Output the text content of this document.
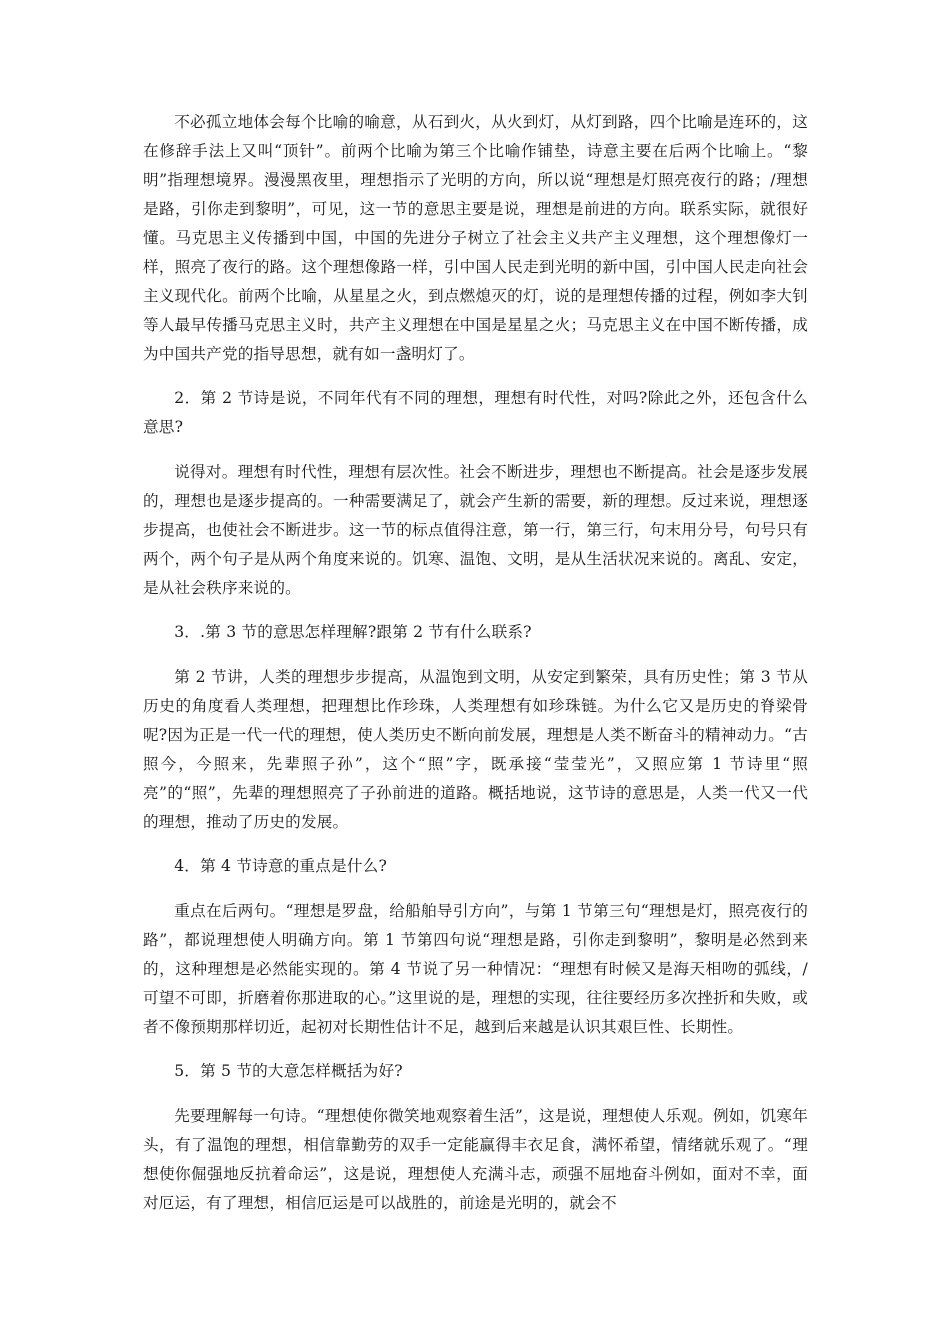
不必孤立地体会每个比喻的喻意，从石到火，从火到灯，从灯到路，四个比喻是连环的，这在修辞手法上又叫“顶针”。前两个比喻为第三个比喻作铺垫，诗意主要在后两个比喻上。“黎明”指理想境界。漫漫黑夜里，理想指示了光明的方向，所以说“理想是灯照亮夜行的路；/理想是路，引你走到黎明”，可见，这一节的意思主要是说，理想是前进的方向。联系实际，就很好懂。马克思主义传播到中国，中国的先进分子树立了社会主义共产主义理想，这个理想像灯一样，照亮了夜行的路。这个理想像路一样，引中国人民走到光明的新中国，引中国人民走向社会主义现代化。前两个比喻，从星星之火，到点燃熄灭的灯，说的是理想传播的过程，例如李大钊等人最早传播马克思主义时，共产主义理想在中国是星星之火；马克思主义在中国不断传播，成为中国共产党的指导思想，就有如一盏明灯了。

2．第 2 节诗是说，不同年代有不同的理想，理想有时代性，对吗?除此之外，还包含什么意思?

说得对。理想有时代性，理想有层次性。社会不断进步，理想也不断提高。社会是逐步发展的，理想也是逐步提高的。一种需要满足了，就会产生新的需要，新的理想。反过来说，理想逐步提高，也使社会不断进步。这一节的标点值得注意，第一行，第三行，句末用分号，句号只有两个，两个句子是从两个角度来说的。饥寒、温饱、文明，是从生活状况来说的。离乱、安定，是从社会秩序来说的。

3．.第 3 节的意思怎样理解?跟第 2 节有什么联系?

第 2 节讲，人类的理想步步提高，从温饱到文明，从安定到繁荣，具有历史性；第 3 节从历史的角度看人类理想，把理想比作珍珠，人类理想有如珍珠链。为什么它又是历史的脊梁骨呢?因为正是一代一代的理想，使人类历史不断向前发展，理想是人类不断奋斗的精神动力。“古照今，今照来，先辈照子孙”，这个“照”字，既承接“莹莹光”，又照应第 1 节诗里“照亮”的“照”，先辈的理想照亮了子孙前进的道路。概括地说，这节诗的意思是，人类一代又一代的理想，推动了历史的发展。

4．第 4 节诗意的重点是什么?

重点在后两句。“理想是罗盘，给船舶导引方向”，与第 1 节第三句“理想是灯，照亮夜行的路”，都说理想使人明确方向。第 1 节第四句说“理想是路，引你走到黎明”，黎明是必然到来的，这种理想是必然能实现的。第 4 节说了另一种情况：“理想有时候又是海天相吻的弧线，/可望不可即，折磨着你那进取的心。”这里说的是，理想的实现，往往要经历多次挫折和失败，或者不像预期那样切近，起初对长期性估计不足，越到后来越是认识其艰巨性、长期性。

5．第 5 节的大意怎样概括为好?

先要理解每一句诗。“理想使你微笑地观察着生活”，这是说，理想使人乐观。例如，饥寒年头，有了温饱的理想，相信靠勤劳的双手一定能赢得丰衣足食，满怀希望，情绪就乐观了。“理想使你倔强地反抗着命运”，这是说，理想使人充满斗志，顽强不屈地奋斗例如，面对不幸，面对厄运，有了理想，相信厄运是可以战胜的，前途是光明的，就会不
